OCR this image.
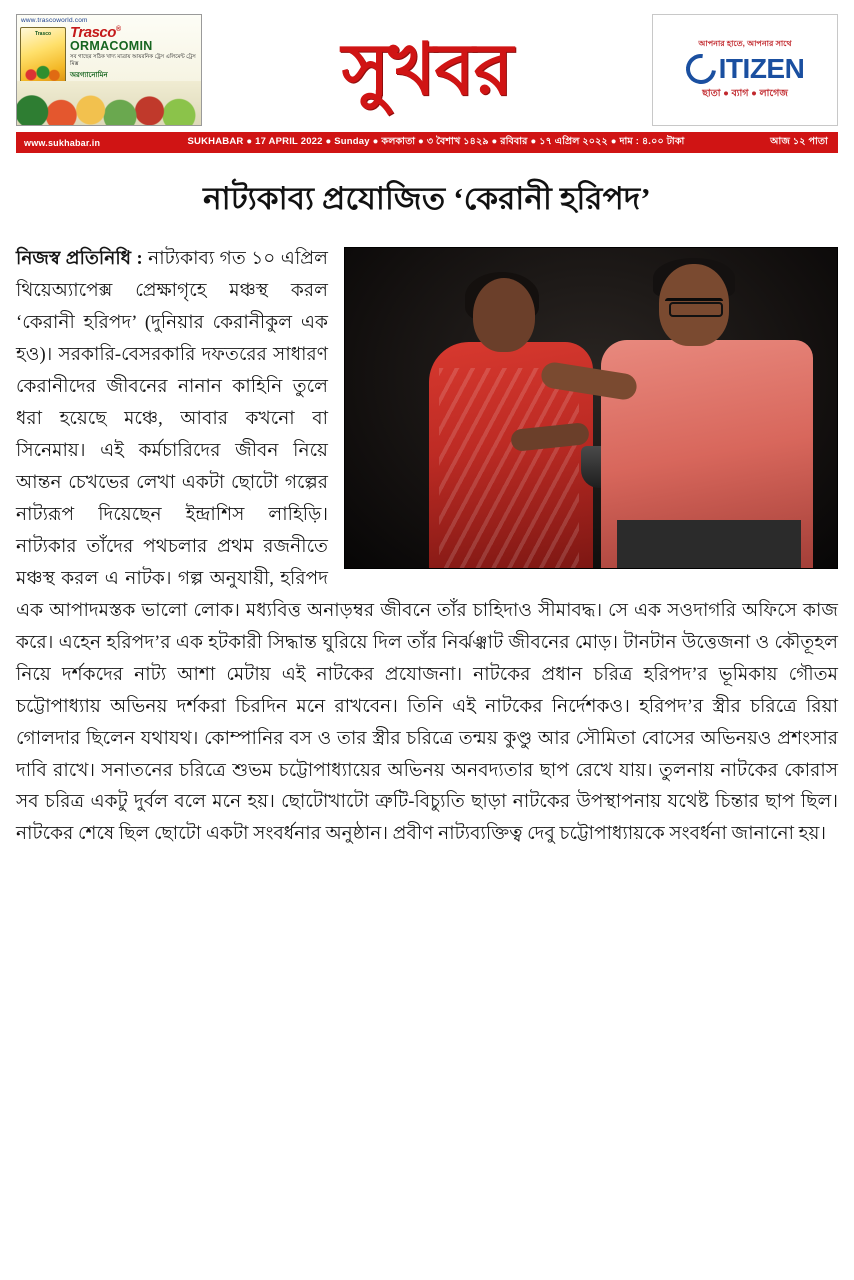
www.trascoworld.com
Trasco Trasco®
ORMACOMIN
সব গাছের সঠিক খাদ্য মাত্রায় আয়রনিক ট্রেস এলিমেন্ট ট্রেস মিক্স
অরগ্যানোমিন	সুখবর	আপনার হাতে, আপনার সাথে
ITIZEN
ছাতা ● ব্যাগ ● লাগেজ
www.sukhabar.in	SUKHABAR ● 17 APRIL 2022 ● Sunday ● কলকাতা ● ৩ বৈশাখ ১৪২৯ ● রবিবার ● ১৭ এপ্রিল ২০২২ ● দাম : ৪.০০ টাকা	আজ ১২ পাতা
নাট্যকাব্য প্রযোজিত ‘কেরানী হরিপদ’
নিজস্ব প্রতিনিধি : নাট্যকাব্য গত ১০ এপ্রিল থিয়েঅ্যাপেক্স প্রেক্ষাগৃহে মঞ্চস্থ করল ‘কেরানী হরিপদ’ (দুনিয়ার কেরানীকুল এক হও)। সরকারি-বেসরকারি দফতরের সাধারণ কেরানীদের জীবনের নানান কাহিনি তুলে ধরা হয়েছে মঞ্চে, আবার কখনো বা সিনেমায়। এই কর্মচারিদের জীবন নিয়ে আন্তন চেখভের লেখা একটা ছোটো গল্পের নাট্যরূপ দিয়েছেন ইন্দ্রাশিস লাহিড়ি। নাট্যকার তাঁদের পথচলার প্রথম রজনীতে মঞ্চস্থ করল এ নাটক। গল্প অনুযায়ী, হরিপদ এক আপাদমস্তক ভালো লোক। মধ্যবিত্ত অনাড়ম্বর জীবনে তাঁর চাহিদাও সীমাবদ্ধ। সে এক সওদাগরি অফিসে কাজ করে। এহেন হরিপদ’র এক হটকারী সিদ্ধান্ত ঘুরিয়ে দিল তাঁর নির্ঝঞ্ঝাট জীবনের মোড়। টানটান উত্তেজনা ও কৌতূহল নিয়ে দর্শকদের নাট্য আশা মেটায় এই নাটকের প্রযোজনা। নাটকের প্রধান চরিত্র হরিপদ’র ভূমিকায় গৌতম চট্টোপাধ্যায় অভিনয় দর্শকরা চিরদিন মনে রাখবেন। তিনি এই নাটকের নির্দেশকও। হরিপদ’র স্ত্রীর চরিত্রে রিয়া গোলদার ছিলেন যথাযথ। কোম্পানির বস ও তার স্ত্রীর চরিত্রে তন্ময় কুণ্ডু আর সৌমিতা বোসের অভিনয়ও প্রশংসার দাবি রাখে। সনাতনের চরিত্রে শুভম চট্টোপাধ্যায়ের অভিনয় অনবদ্যতার ছাপ রেখে যায়। তুলনায় নাটকের কোরাস সব চরিত্র একটু দুর্বল বলে মনে হয়। ছোটোখাটো ত্রুটি-বিচ্যুতি ছাড়া নাটকের উপস্থাপনায় যথেষ্ট চিন্তার ছাপ ছিল। নাটকের শেষে ছিল ছোটো একটা সংবর্ধনার অনুষ্ঠান। প্রবীণ নাট্যব্যক্তিত্ব দেবু চট্টোপাধ্যায়কে সংবর্ধনা জানানো হয়।
